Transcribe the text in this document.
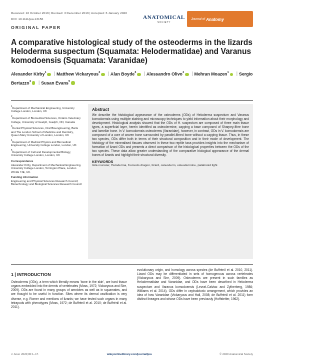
Received: 10 October 2019 | Revised: 3 December 2019 | Accepted: 6 January 2020
DOI: 10.1111/joa.13156
ORIGINAL PAPER
ANATOMICAL
SOCIETY
Journal of Anatomy
A comparative histological study of the osteoderms in the lizards Heloderma suspectum (Squamata: Helodermatidae) and Varanus komodoensis (Squamata: Varanidae)
Alexander Kirby$^1$ | Matthew Vickaryous$^2$ | Alan Boyde$^3$ | Alessandro Olivo$^4$ | Mehran Moazen$^1$ | Sergio Bertazzo$^4$ | Susan Evans$^5$

$^1$Department of Mechanical Engineering, University College London, London, UK

$^2$Department of Biomedical Sciences, Ontario Veterinary College, University of Guelph, Guelph, ON, Canada

$^3$Dental Physical Sciences, Oral Bioengineering, Barts and The London School of Medicine and Dentistry, Queen Mary University of London, London, UK

$^4$Department of Medical Physics and Biomedical Engineering, University College London, London, UK

$^5$Department of Cell and Developmental Biology, University College London, London, UK

Correspondence
Alexander Kirby, Department of Mechanical Engineering, University College London, Torrington Place, London WC1E 7JE, UK.

Funding information
Engineering and Physical Sciences Research Council; Biotechnology and Biological Sciences Research Council

Abstract
We describe the histological appearance of the osteoderms (ODs) of Heloderma suspectum and Varanus komodoensis using multiple staining and microscopy techniques to yield information about their morphology and development. Histological analysis showed that the ODs of H. suspectum are composed of three main tissue types, a superficial layer, herein identified as osteodermine, capping a base composed of Sharpey-fibre bone and lamellar bone. In V. komodoensis osteoderms (Varanidae), however, in contrast, ODs in V. komodoensis are composed of a core of woven bone surrounded by parallel-fibred bone without a capping tissue. Thus, in these two species, ODs differ both in terms of their structural composition and in their mode of development. The histology of the mineralised tissues observed in these two reptile taxa provides insights into the mechanism of formation of lizard ODs and presents a direct comparison of the histological properties between the ODs of the two species. These data allow greater understanding of the comparative biological appearance of the dermal bones of lizards and highlight their structural diversity.
KEYWORDS
Gila monster, Heloderma, Komodo dragon, lizard, osteoderm, osteodermine, palatinoid light
1 | INTRODUCTION
Osteoderms (ODs), a term which literally means 'bone in the skin', are hard tissue organs embedded into the dermis of vertebrates (Moss, 1972; Vickaryous and Sire, 2009). ODs are found in many groups of amniotes as well as in squamates, and are thought to be useful in function. Sites where its dermal ossification is very diverse, e.g. Romer and mentions of lizards; we have tested such organs in many tetrapods with phenotypes (Moss, 1972; de Buffrénil et al. 2010; de Buffrénil et al. 2011).
evolutionary origin, and homology across species (de Buffrénil et al. 2010, 2011). Lizard ODs may be differentiated in sets of homogenous across vertebrates (Vickaryous and Sire, 2009). Osteoderms are present in such families as Helodermatidae and Varanidae, and ODs have been described in Heloderma suspectum and Varanus komodoensis (Levrat-Calviac and Zylberberg, 1986; Williams et al. 2014). ODs differ in cephalotoxic arrangement, which provides an idea of how Varanidae (Vickaryous and Hall, 2008; de Buffrénil et al. 2011) form distinct lineages and whose ODs have been previously (Hoffstetter, 1962).
J. Anat. 2020;00:1–17.	wileyonlinelibrary.com/journal/joa	© 2020 Anatomical Society
